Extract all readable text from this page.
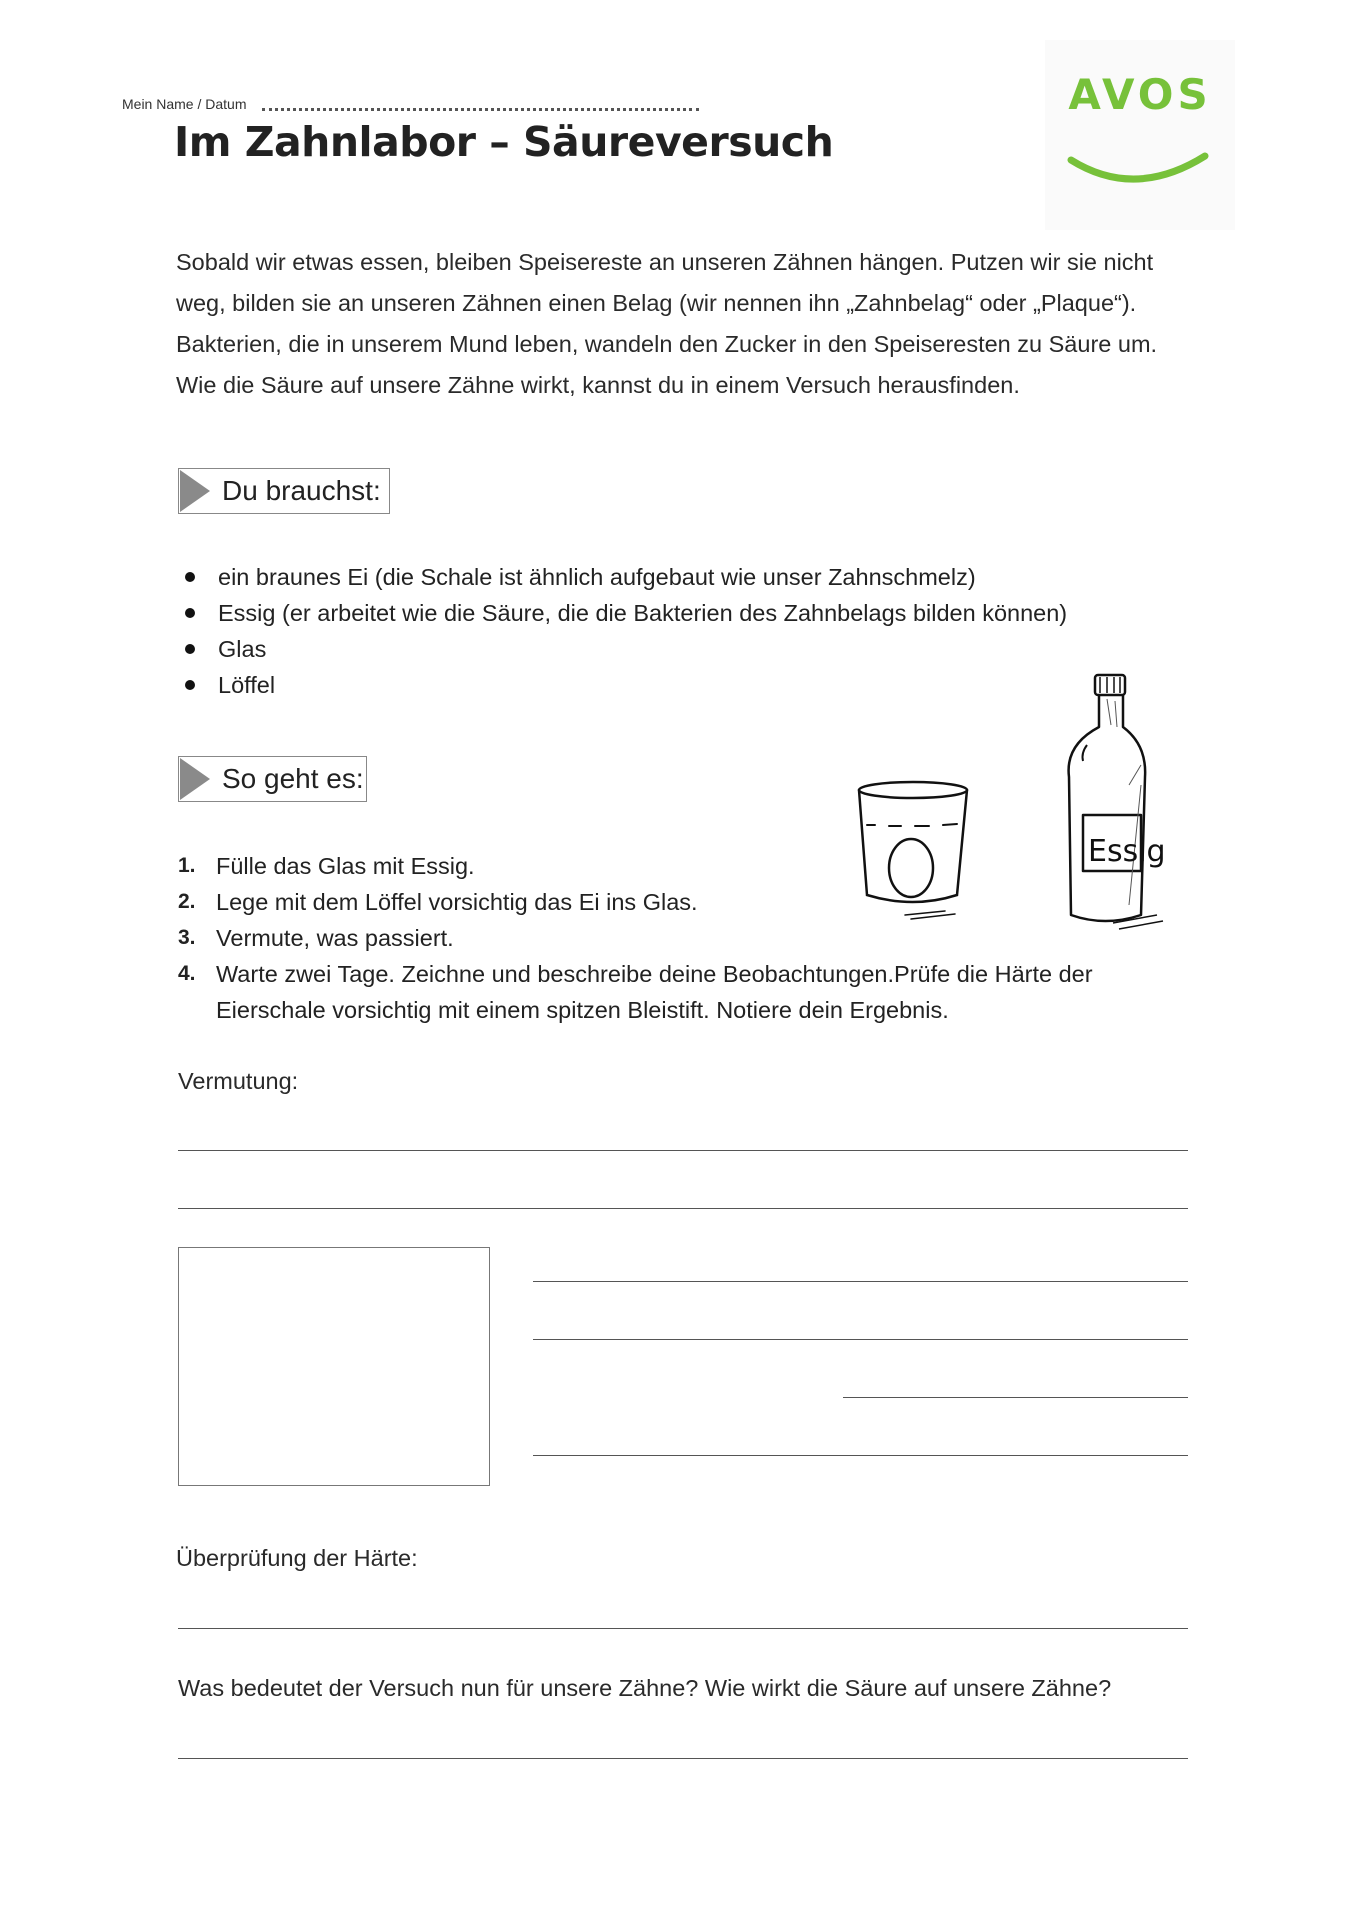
Mein Name / Datum
Im Zahnlabor – Säureversuch
AVOS
Sobald wir etwas essen, bleiben Speisereste an unseren Zähnen hängen. Putzen wir sie nicht weg, bilden sie an unseren Zähnen einen Belag (wir nennen ihn „Zahnbelag“ oder „Plaque“). Bakterien, die in unserem Mund leben, wandeln den Zucker in den Speiseresten zu Säure um. Wie die Säure auf unsere Zähne wirkt, kannst du in einem Versuch herausfinden.
Du brauchst:
ein braunes Ei (die Schale ist ähnlich aufgebaut wie unser Zahnschmelz)
Essig (er arbeitet wie die Säure, die die Bakterien des Zahnbelags bilden können)
Glas
Löffel
Essig
So geht es:
1. Fülle das Glas mit Essig.
2. Lege mit dem Löffel vorsichtig das Ei ins Glas.
3. Vermute, was passiert.
4. Warte zwei Tage. Zeichne und beschreibe deine Beobachtungen.Prüfe die Härte der Eierschale vorsichtig mit einem spitzen Bleistift. Notiere dein Ergebnis.
Vermutung:
Überprüfung der Härte:
Was bedeutet der Versuch nun für unsere Zähne? Wie wirkt die Säure auf unsere Zähne?
